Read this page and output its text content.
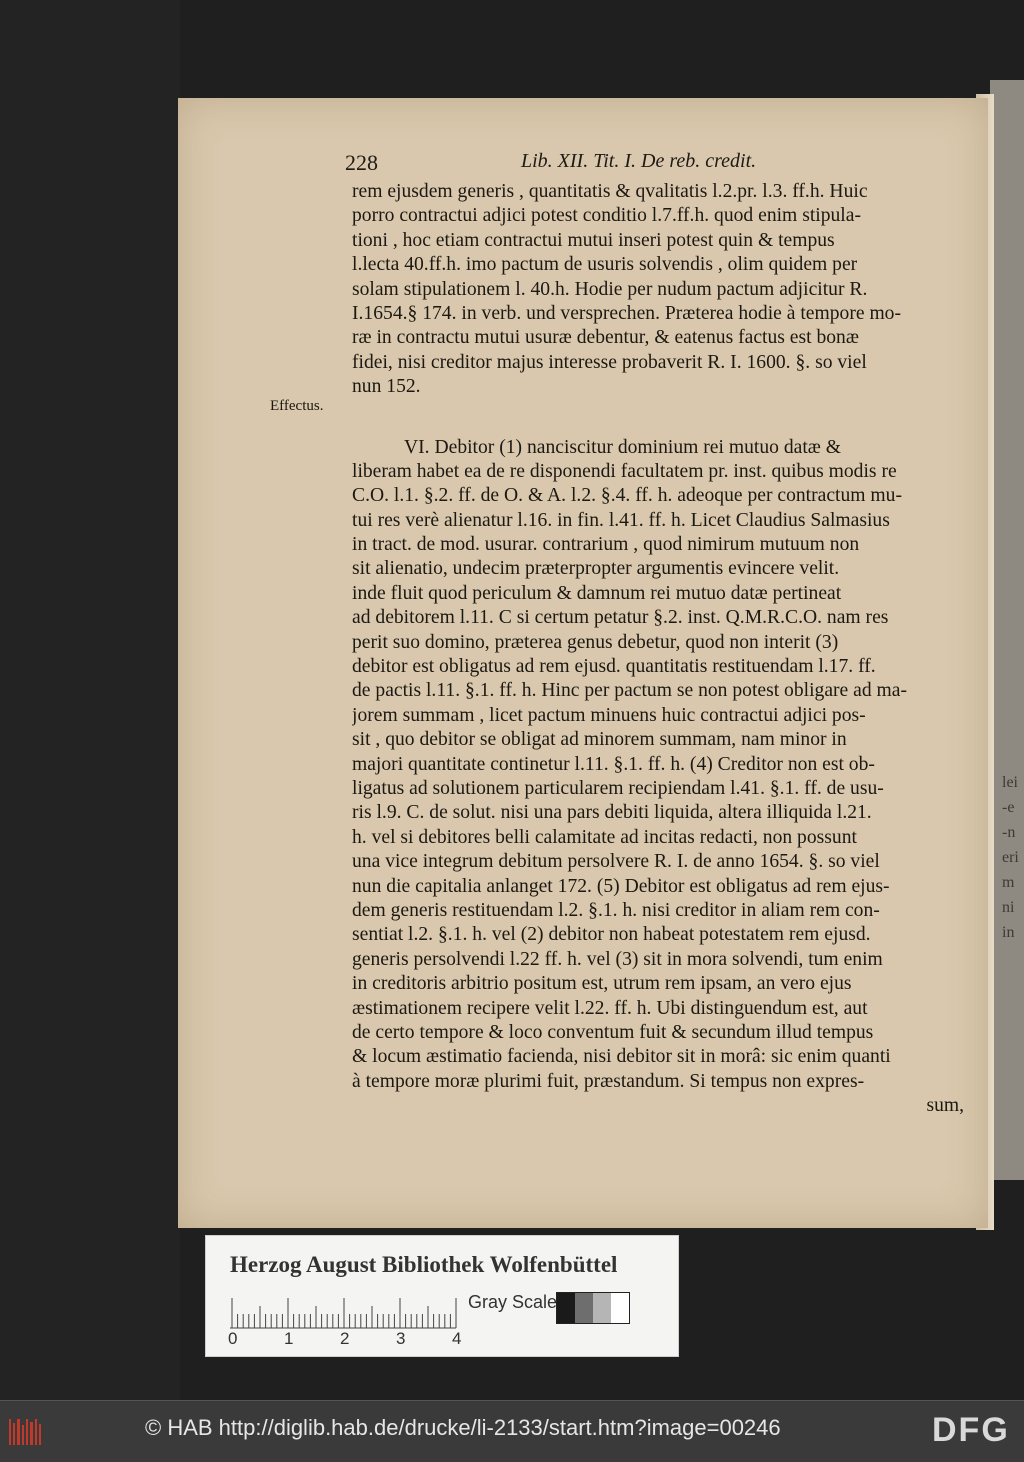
lei
-e
-n
eri
m
ni
in
228	Lib. XII. Tit. I. De reb. credit.
Effectus.
rem ejusdem generis , quantitatis & qvalitatis l.2.pr. l.3. ff.h. Huic
porro contractui adjici potest conditio l.7.ff.h. quod enim stipula-
tioni , hoc etiam contractui mutui inseri potest quin & tempus
l.lecta 40.ff.h. imo pactum de usuris solvendis , olim quidem per
solam stipulationem l. 40.h. Hodie per nudum pactum adjicitur R.
I.1654.§ 174. in verb. und versprechen. Præterea hodie à tempore mo-
ræ in contractu mutui usuræ debentur, & eatenus factus est bonæ
fidei, nisi creditor majus interesse probaverit R. I. 1600. §. so viel
nun 152.
VI. Debitor (1) nanciscitur dominium rei mutuo datæ &
liberam habet ea de re disponendi facultatem pr. inst. quibus modis re
C.O. l.1. §.2. ff. de O. & A. l.2. §.4. ff. h. adeoque per contractum mu-
tui res verè alienatur l.16. in fin. l.41. ff. h. Licet Claudius Salmasius
in tract. de mod. usurar. contrarium , quod nimirum mutuum non
sit alienatio, undecim præterpropter argumentis evincere velit.
inde fluit quod periculum & damnum rei mutuo datæ pertineat
ad debitorem l.11. C si certum petatur §.2. inst. Q.M.R.C.O. nam res
perit suo domino, præterea genus debetur, quod non interit (3)
debitor est obligatus ad rem ejusd. quantitatis restituendam l.17. ff.
de pactis l.11. §.1. ff. h. Hinc per pactum se non potest obligare ad ma-
jorem summam , licet pactum minuens huic contractui adjici pos-
sit , quo debitor se obligat ad minorem summam, nam minor in
majori quantitate continetur l.11. §.1. ff. h. (4) Creditor non est ob-
ligatus ad solutionem particularem recipiendam l.41. §.1. ff. de usu-
ris l.9. C. de solut. nisi una pars debiti liquida, altera illiquida l.21.
h. vel si debitores belli calamitate ad incitas redacti, non possunt
una vice integrum debitum persolvere R. I. de anno 1654. §. so viel
nun die capitalia anlanget 172. (5) Debitor est obligatus ad rem ejus-
dem generis restituendam l.2. §.1. h. nisi creditor in aliam rem con-
sentiat l.2. §.1. h. vel (2) debitor non habeat potestatem rem ejusd.
generis persolvendi l.22 ff. h. vel (3) sit in mora solvendi, tum enim
in creditoris arbitrio positum est, utrum rem ipsam, an vero ejus
æstimationem recipere velit l.22. ff. h. Ubi distinguendum est, aut
de certo tempore & loco conventum fuit & secundum illud tempus
& locum æstimatio facienda, nisi debitor sit in morâ: sic enim quanti
à tempore moræ plurimi fuit, præstandum. Si tempus non expres-
sum,
Herzog August Bibliothek Wolfenbüttel
0	1	2	3	4
Gray Scale
© HAB http://diglib.hab.de/drucke/li-2133/start.htm?image=00246	DFG
